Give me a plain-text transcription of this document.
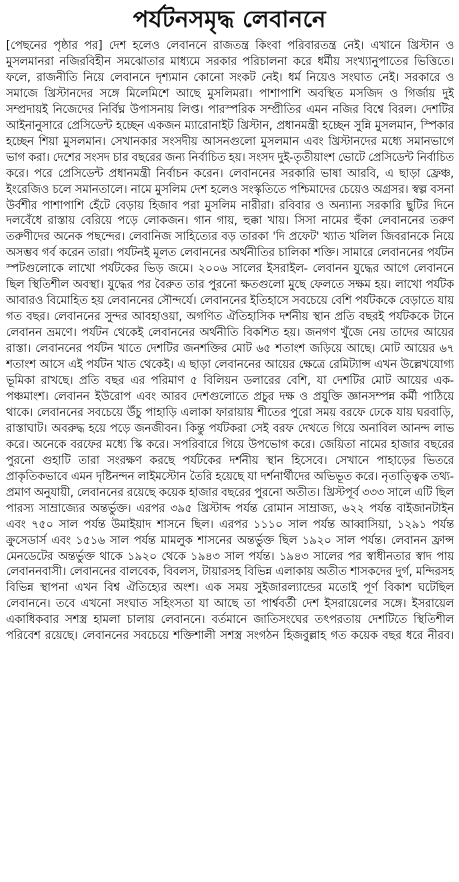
পর্যটনসমৃদ্ধ লেবাননে
[পেছনের পৃষ্ঠার পর] দেশ হলেও লেবাননে রাজতন্ত্র কিংবা পরিবারতন্ত্র নেই। এখানে খ্রিস্টান ও মুসলমানরা নজিরবিহীন সমঝোতার মাধ্যমে সরকার পরিচালনা করে ধর্মীয় সংখ্যানুপাতের ভিত্তিতে। ফলে, রাজনীতি নিয়ে লেবাননে দৃশ্যমান কোনো সংকট নেই। ধর্ম নিয়েও সংঘাত নেই। সরকারে ও সমাজে খ্রিস্টানদের সঙ্গে মিলেমিশে আছে মুসলিমরা। পাশাপাশি অবস্থিত মসজিদ ও গির্জায় দুই সম্প্রদায়ই নিজেদের নির্বিঘ্ন উপাসনায় লিপ্ত। পারস্পরিক সম্প্রীতির এমন নজির বিশ্বে বিরল। দেশটির আইনানুসারে প্রেসিডেন্ট হচ্ছেন একজন ম্যারোনাইট খ্রিস্টান, প্রধানমন্ত্রী হচ্ছেন সুন্নি মুসলমান, স্পিকার হচ্ছেন শিয়া মুসলমান। সেখানকার সংসদীয় আসনগুলো মুসলমান এবং খ্রিস্টানদের মধ্যে সমানভাগে ভাগ করা। দেশের সংসদ চার বছরের জন্য নির্বাচিত হয়। সংসদ দুই-তৃতীয়াংশ ভোটে প্রেসিডেন্ট নির্বাচিত করে। পরে প্রেসিডেন্ট প্রধানমন্ত্রী নির্বাচন করেন। লেবাননের সরকারি ভাষা আরবি, এ ছাড়া ফ্রেঞ্চ, ইংরেজিও চলে সমানতালে। নামে মুসলিম দেশ হলেও সংস্কৃতিতে পশ্চিমাদের চেয়েও অগ্রসর। স্বল্প বসনা উর্বশীর পাশাপাশি হেঁটে বেড়ায় হিজাব পরা মুসলিম নারীরা। রবিবার ও অন্যান্য সরকারি ছুটির দিনে দলবেঁধে রাস্তায় বেরিয়ে পড়ে লোকজন। গান গায়, হুক্কা খায়। সিসা নামের হুঁকা লেবাননের তরুণ তরুণীদের অনেক পছন্দের। লেবানিজ সাহিত্যের বড় তারকা 'দি প্রফেট' খ্যাত খলিল জিবরানকে নিয়ে অসম্ভব গর্ব করেন তারা। পর্যটনই মূলত লেবাননের অর্থনীতির চালিকা শক্তি। সামারে লেবাননের পর্যটন স্পটগুলোকে লাখো পর্যটকের ভিড় জমে। ২০০৬ সালের ইসরাইল- লেবানন যুদ্ধের আগে লেবাননে ছিল স্থিতিশীল অবস্থা। যুদ্ধের পর বৈরুত তার পুরনো ক্ষতগুলো মুছে ফেলতে সক্ষম হয়। লাখো পর্যটক আবারও বিমোহিত হয় লেবাননের সৌন্দর্যে। লেবাননের ইতিহাসে সবচেয়ে বেশি পর্যটককে বেড়াতে যায় গত বছর। লেবাননের সুন্দর আবহাওয়া, অগণিত ঐতিহাসিক দর্শনীয় স্থান প্রতি বছরই পর্যটককে টানে লেবানন ভ্রমণে। পর্যটন থেকেই লেবাননের অর্থনীতি বিকশিত হয়। জনগণ খুঁজে নেয় তাদের আয়ের রাস্তা। লেবাননের পর্যটন খাতে দেশটির জনশক্তির মোট ৬৫ শতাংশ জড়িয়ে আছে। মোট আয়ের ৬৭ শতাংশ আসে এই পর্যটন খাত থেকেই। এ ছাড়া লেবাননের আয়ের ক্ষেত্রে রেমিট্যান্স এখন উল্লেখযোগ্য ভূমিকা রাখছে। প্রতি বছর এর পরিমাণ ৫ বিলিয়ন ডলারের বেশি, যা দেশটির মোট আয়ের এক-পঞ্চমাংশ। লেবানন ইউরোপ এবং আরব দেশগুলোতে প্রচুর দক্ষ ও প্রযুক্তি জ্ঞানসম্পন্ন কর্মী পাঠিয়ে থাকে। লেবাননের সবচেয়ে উঁচু পাহাড়ি এলাকা ফারায়ায় শীতের পুরো সময় বরফে ঢেকে যায় ঘরবাড়ি, রাস্তাঘাট। অবরুদ্ধ হয়ে পড়ে জনজীবন। কিন্তু পর্যটকরা সেই বরফ দেখতে গিয়ে অনাবিল আনন্দ লাভ করে। অনেকে বরফের মধ্যে স্কি করে। সপরিবারে গিয়ে উপভোগ করে। জেয়িতা নামের হাজার বছরের পুরনো গুহাটি তারা সংরক্ষণ করছে পর্যটকের দর্শনীয় স্থান হিসেবে। সেখানে পাহাড়ের ভিতরে প্রাকৃতিকভাবে এমন দৃষ্টিনন্দন লাইমস্টোন তৈরি হয়েছে যা দর্শনার্থীদের অভিভূত করে। নৃতাত্ত্বিক তথ্য-প্রমাণ অনুযায়ী, লেবাননের রয়েছে কয়েক হাজার বছরের পুরনো অতীত। খ্রিস্টপূর্ব ৩৩৩ সালে এটি ছিল পারস্য সাম্রাজ্যের অন্তর্ভুক্ত। এরপর ৩৯৫ খ্রিস্টাব্দ পর্যন্ত রোমান সাম্রাজ্য, ৬২২ পর্যন্ত বাইজানটাইন এবং ৭৫০ সাল পর্যন্ত উমাইয়াদ শাসনে ছিল। এরপর ১১১০ সাল পর্যন্ত আব্বাসিয়া, ১২৯১ পর্যন্ত ক্রুসেডার্স এবং ১৫১৬ সাল পর্যন্ত মামলুক শাসনের অন্তর্ভুক্ত ছিল ১৯২০ সাল পর্যন্ত। লেবানন ফ্রান্স মেনডেটের অন্তর্ভুক্ত থাকে ১৯২০ থেকে ১৯৪৩ সাল পর্যন্ত। ১৯৪৩ সালের পর স্বাধীনতার স্বাদ পায় লেবাননবাসী। লেবাননের বালবেক, বিবলস, টায়ারসহ বিভিন্ন এলাকায় অতীত শাসকদের দুর্গ, মন্দিরসহ বিভিন্ন স্থাপনা এখন বিশ্ব ঐতিহ্যের অংশ। এক সময় সুইজারল্যান্ডের মতোই পূর্ণ বিকাশ ঘটেছিল লেবাননে। তবে এখনো সংঘাত সহিংসতা যা আছে তা পার্শ্ববর্তী দেশ ইসরায়েলের সঙ্গে। ইসরায়েল একাধিকবার সশস্ত্র হামলা চালায় লেবাননে। বর্তমানে জাতিসংঘের তৎপরতায় দেশটিতে স্থিতিশীল পরিবেশ রয়েছে। লেবাননের সবচেয়ে শক্তিশালী সশস্ত্র সংগঠন হিজবুল্লাহ গত কয়েক বছর ধরে নীরব।
